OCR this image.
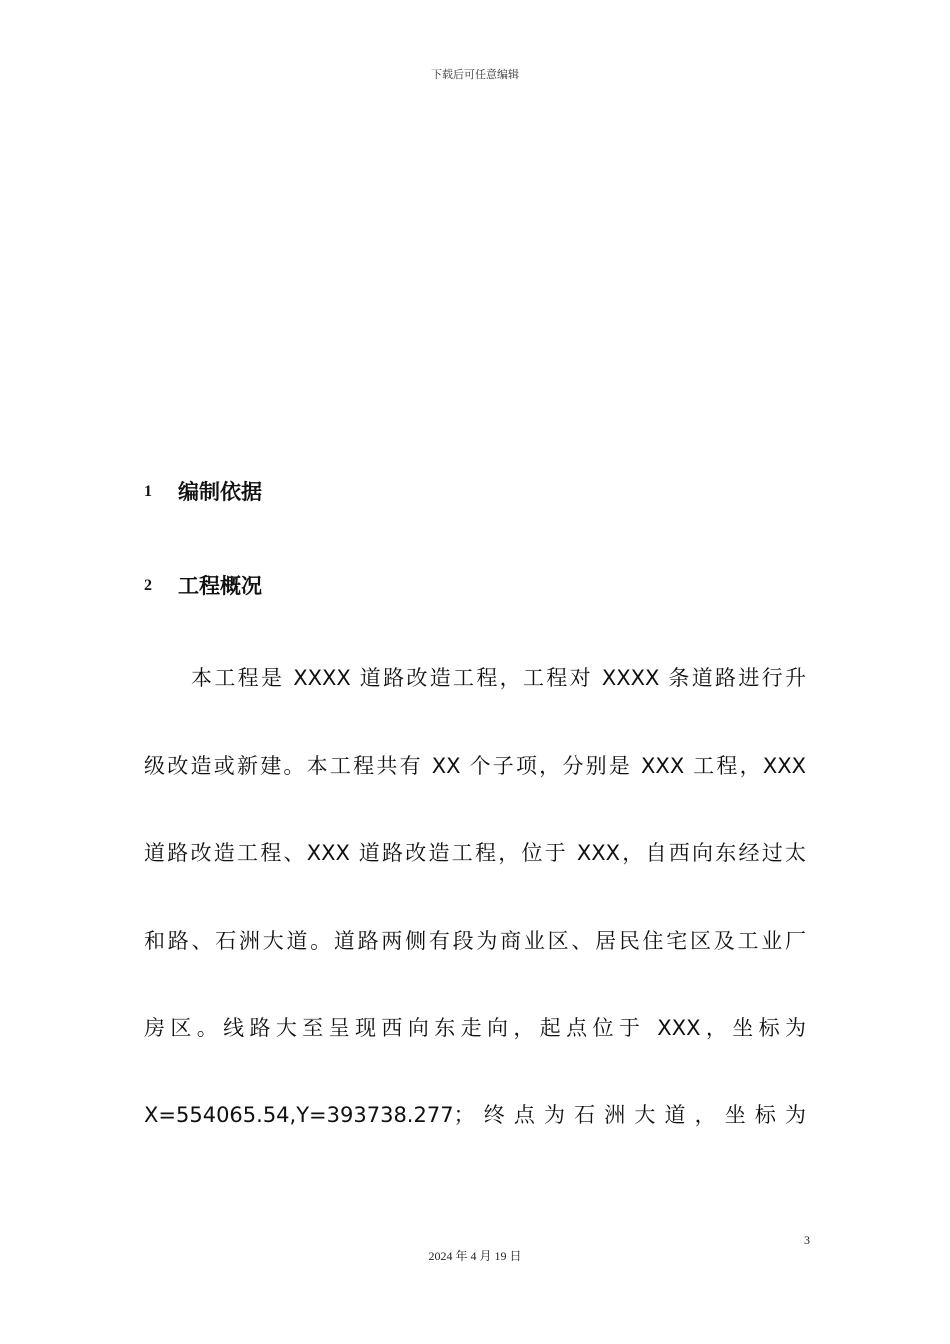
下载后可任意编辑
1	编制依据
2	工程概况
本工程是 XXXX 道路改造工程，工程对 XXXX 条道路进行升
级改造或新建。本工程共有 XX 个子项，分别是 XXX 工程，XXX
道路改造工程、XXX 道路改造工程，位于 XXX，自西向东经过太
和路、石洲大道。道路两侧有段为商业区、居民住宅区及工业厂
房区。线路大至呈现西向东走向，起点位于 XXX，坐标为
X=554065.54,Y=393738.277；终点为石洲大道，坐标为
3
2024 年 4 月 19 日
